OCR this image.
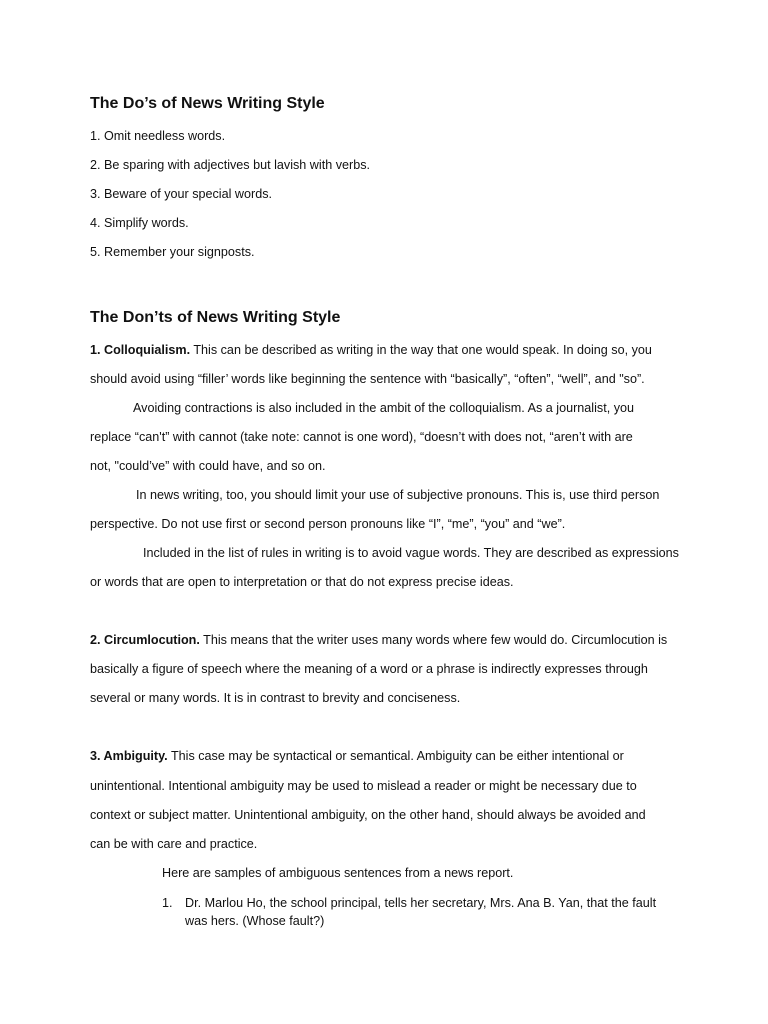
The Do’s of News Writing Style

1. Omit needless words.

2. Be sparing with adjectives but lavish with verbs.

3. Beware of your special words.

4. Simplify words.

5. Remember your signposts.

The Don’ts of News Writing Style

1. Colloquialism. This can be described as writing in the way that one would speak. In doing so, you

should avoid using “filler’ words like beginning the sentence with “basically”, “often”, “well”, and "so”.

Avoiding contractions is also included in the ambit of the colloquialism. As a journalist, you

replace “can't” with cannot (take note: cannot is one word), “doesn’t with does not, “aren’t with are

not, "could’ve” with could have, and so on.

In news writing, too, you should limit your use of subjective pronouns. This is, use third person

perspective. Do not use first or second person pronouns like “I”, “me”, “you” and “we”.

Included in the list of rules in writing is to avoid vague words. They are described as expressions

or words that are open to interpretation or that do not express precise ideas.

2. Circumlocution. This means that the writer uses many words where few would do. Circumlocution is

basically a figure of speech where the meaning of a word or a phrase is indirectly expresses through

several or many words. It is in contrast to brevity and conciseness.

3. Ambiguity. This case may be syntactical or semantical. Ambiguity can be either intentional or

unintentional. Intentional ambiguity may be used to mislead a reader or might be necessary due to

context or subject matter. Unintentional ambiguity, on the other hand, should always be avoided and

can be with care and practice.

Here are samples of ambiguous sentences from a news report.

1. Dr. Marlou Ho, the school principal, tells her secretary, Mrs. Ana B. Yan, that the fault was hers. (Whose fault?)
